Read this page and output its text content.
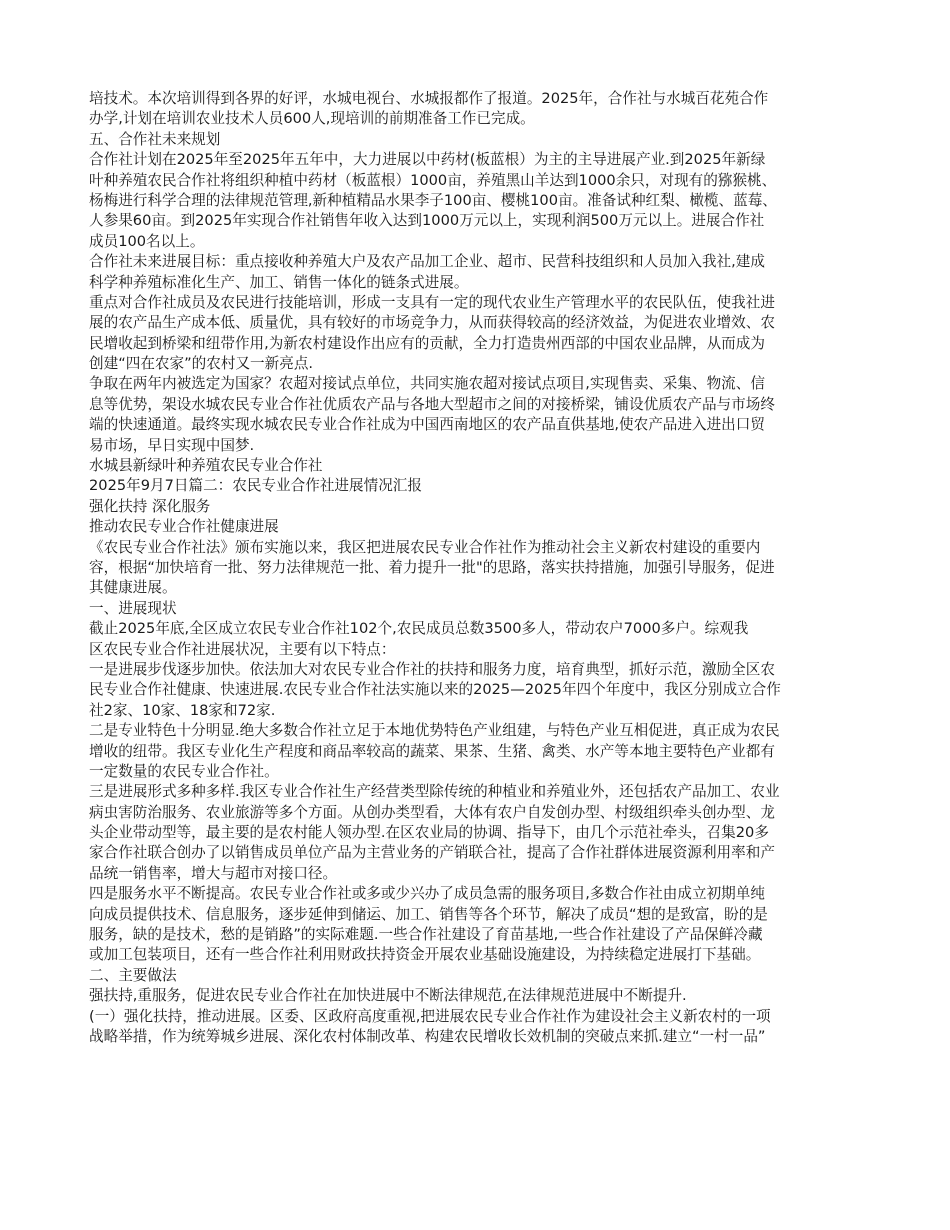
培技术。本次培训得到各界的好评，水城电视台、水城报都作了报道。2025年，合作社与水城百花苑合作
办学,计划在培训农业技术人员600人,现培训的前期准备工作已完成。
五、合作社未来规划
合作社计划在2025年至2025年五年中，大力进展以中药材(板蓝根）为主的主导进展产业.到2025年新绿
叶种养殖农民合作社将组织种植中药材（板蓝根）1000亩，养殖黑山羊达到1000余只，对现有的猕猴桃、
杨梅进行科学合理的法律规范管理,新种植精品水果李子100亩、樱桃100亩。准备试种红梨、橄榄、蓝莓、
人参果60亩。到2025年实现合作社销售年收入达到1000万元以上，实现利润500万元以上。进展合作社
成员100名以上。
合作社未来进展目标：重点接收种养殖大户及农产品加工企业、超市、民营科技组织和人员加入我社,建成
科学种养殖标准化生产、加工、销售一体化的链条式进展。
重点对合作社成员及农民进行技能培训，形成一支具有一定的现代农业生产管理水平的农民队伍，使我社进
展的农产品生产成本低、质量优，具有较好的市场竞争力，从而获得较高的经济效益，为促进农业增效、农
民增收起到桥梁和纽带作用,为新农村建设作出应有的贡献，全力打造贵州西部的中国农业品牌，从而成为
创建“四在农家”的农村又一新亮点.
争取在两年内被选定为国家？农超对接试点单位，共同实施农超对接试点项目,实现售卖、采集、物流、信
息等优势，架设水城农民专业合作社优质农产品与各地大型超市之间的对接桥梁，铺设优质农产品与市场终
端的快速通道。最终实现水城农民专业合作社成为中国西南地区的农产品直供基地,使农产品进入进出口贸
易市场，早日实现中国梦.
水城县新绿叶种养殖农民专业合作社
2025年9月7日篇二：农民专业合作社进展情况汇报
强化扶持 深化服务
推动农民专业合作社健康进展
《农民专业合作社法》颁布实施以来，我区把进展农民专业合作社作为推动社会主义新农村建设的重要内
容，根据“加快培育一批、努力法律规范一批、着力提升一批"的思路，落实扶持措施，加强引导服务，促进
其健康进展。
一、进展现状
截止2025年底,全区成立农民专业合作社102个,农民成员总数3500多人，带动农户7000多户。综观我
区农民专业合作社进展状况，主要有以下特点：
一是进展步伐逐步加快。依法加大对农民专业合作社的扶持和服务力度，培育典型，抓好示范，激励全区农
民专业合作社健康、快速进展.农民专业合作社法实施以来的2025—2025年四个年度中，我区分别成立合作
社2家、10家、18家和72家.
二是专业特色十分明显.绝大多数合作社立足于本地优势特色产业组建，与特色产业互相促进，真正成为农民
增收的纽带。我区专业化生产程度和商品率较高的蔬菜、果茶、生猪、禽类、水产等本地主要特色产业都有
一定数量的农民专业合作社。
三是进展形式多种多样.我区专业合作社生产经营类型除传统的种植业和养殖业外，还包括农产品加工、农业
病虫害防治服务、农业旅游等多个方面。从创办类型看，大体有农户自发创办型、村级组织牵头创办型、龙
头企业带动型等，最主要的是农村能人领办型.在区农业局的协调、指导下，由几个示范社牵头，召集20多
家合作社联合创办了以销售成员单位产品为主营业务的产销联合社，提高了合作社群体进展资源利用率和产
品统一销售率，增大与超市对接口径。
四是服务水平不断提高。农民专业合作社或多或少兴办了成员急需的服务项目,多数合作社由成立初期单纯
向成员提供技术、信息服务，逐步延伸到储运、加工、销售等各个环节，解决了成员“想的是致富，盼的是
服务，缺的是技术，愁的是销路”的实际难题.一些合作社建设了育苗基地,一些合作社建设了产品保鲜冷藏
或加工包装项目，还有一些合作社利用财政扶持资金开展农业基础设施建设，为持续稳定进展打下基础。
二、主要做法
强扶持,重服务，促进农民专业合作社在加快进展中不断法律规范,在法律规范进展中不断提升.
(一）强化扶持，推动进展。区委、区政府高度重视,把进展农民专业合作社作为建设社会主义新农村的一项
战略举措，作为统筹城乡进展、深化农村体制改革、构建农民增收长效机制的突破点来抓.建立“一村一品”
